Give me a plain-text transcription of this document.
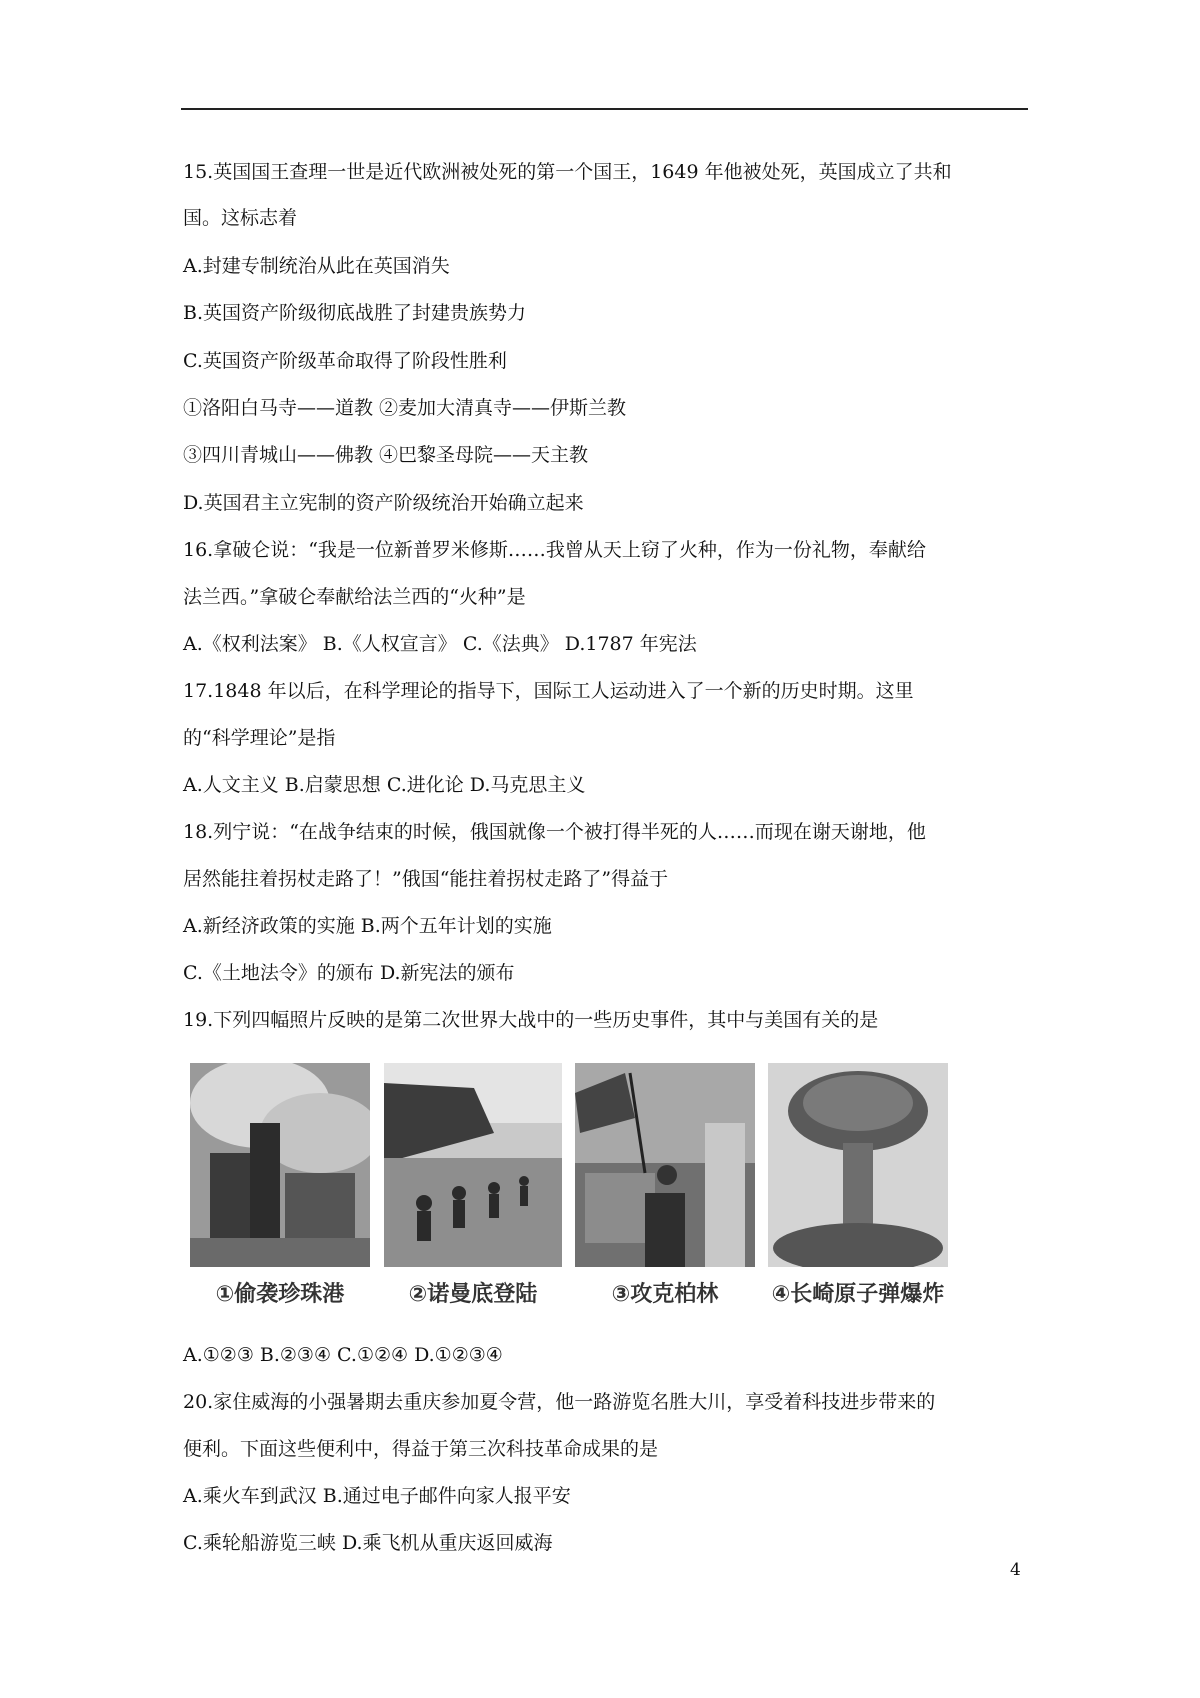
15.英国国王查理一世是近代欧洲被处死的第一个国王，1649 年他被处死，英国成立了共和
国。这标志着
A.封建专制统治从此在英国消失
B.英国资产阶级彻底战胜了封建贵族势力
C.英国资产阶级革命取得了阶段性胜利
①洛阳白马寺——道教 ②麦加大清真寺——伊斯兰教
③四川青城山——佛教 ④巴黎圣母院——天主教
D.英国君主立宪制的资产阶级统治开始确立起来
16.拿破仑说：“我是一位新普罗米修斯……我曾从天上窃了火种，作为一份礼物，奉献给
法兰西。”拿破仑奉献给法兰西的“火种”是
A.《权利法案》 B.《人权宣言》 C.《法典》 D.1787 年宪法
17.1848 年以后，在科学理论的指导下，国际工人运动进入了一个新的历史时期。这里
的“科学理论”是指
A.人文主义 B.启蒙思想 C.进化论 D.马克思主义
18.列宁说：“在战争结束的时候，俄国就像一个被打得半死的人……而现在谢天谢地，他
居然能拄着拐杖走路了！”俄国“能拄着拐杖走路了”得益于
A.新经济政策的实施 B.两个五年计划的实施
C.《土地法令》的颁布 D.新宪法的颁布
19.下列四幅照片反映的是第二次世界大战中的一些历史事件，其中与美国有关的是
①偷袭珍珠港	②诺曼底登陆	③攻克柏林	④长崎原子弹爆炸
A.①②③ B.②③④ C.①②④ D.①②③④
20.家住威海的小强暑期去重庆参加夏令营，他一路游览名胜大川，享受着科技进步带来的
便利。下面这些便利中，得益于第三次科技革命成果的是
A.乘火车到武汉 B.通过电子邮件向家人报平安
C.乘轮船游览三峡 D.乘飞机从重庆返回威海
4
